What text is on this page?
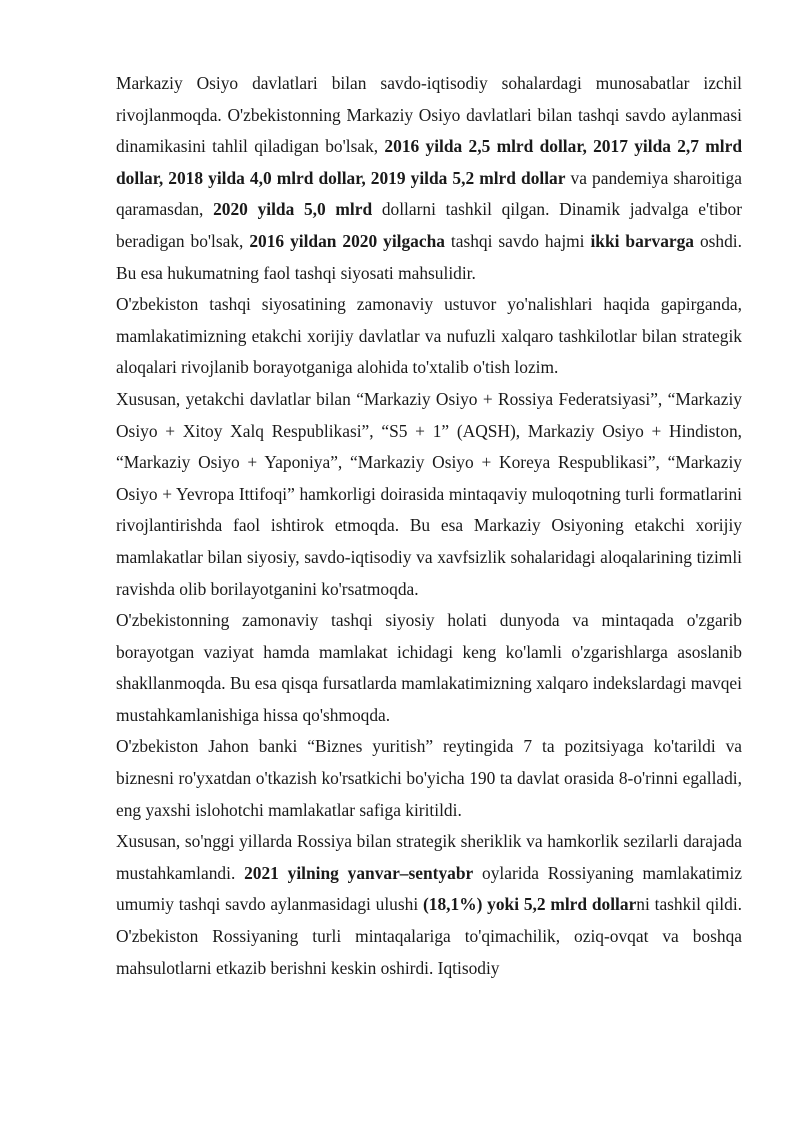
Markaziy Osiyo davlatlari bilan savdo-iqtisodiy sohalardagi munosabatlar izchil rivojlanmoqda. O'zbekistonning Markaziy Osiyo davlatlari bilan tashqi savdo aylanmasi dinamikasini tahlil qiladigan bo'lsak, 2016 yilda 2,5 mlrd dollar, 2017 yilda 2,7 mlrd dollar, 2018 yilda 4,0 mlrd dollar, 2019 yilda 5,2 mlrd dollar va pandemiya sharoitiga qaramasdan, 2020 yilda 5,0 mlrd dollarni tashkil qilgan. Dinamik jadvalga e'tibor beradigan bo'lsak, 2016 yildan 2020 yilgacha tashqi savdo hajmi ikki barvarga oshdi. Bu esa hukumatning faol tashqi siyosati mahsulidir.

O'zbekiston tashqi siyosatining zamonaviy ustuvor yo'nalishlari haqida gapirganda, mamlakatimizning etakchi xorijiy davlatlar va nufuzli xalqaro tashkilotlar bilan strategik aloqalari rivojlanib borayotganiga alohida to'xtalib o'tish lozim.

Xususan, yetakchi davlatlar bilan “Markaziy Osiyo + Rossiya Federatsiyasi”, “Markaziy Osiyo + Xitoy Xalq Respublikasi”, “S5 + 1” (AQSH), Markaziy Osiyo + Hindiston, “Markaziy Osiyo + Yaponiya”, “Markaziy Osiyo + Koreya Respublikasi”, “Markaziy Osiyo + Yevropa Ittifoqi” hamkorligi doirasida mintaqaviy muloqotning turli formatlarini rivojlantirishda faol ishtirok etmoqda. Bu esa Markaziy Osiyoning etakchi xorijiy mamlakatlar bilan siyosiy, savdo-iqtisodiy va xavfsizlik sohalaridagi aloqalarining tizimli ravishda olib borilayotganini ko'rsatmoqda.

O'zbekistonning zamonaviy tashqi siyosiy holati dunyoda va mintaqada o'zgarib borayotgan vaziyat hamda mamlakat ichidagi keng ko'lamli o'zgarishlarga asoslanib shakllanmoqda. Bu esa qisqa fursatlarda mamlakatimizning xalqaro indekslardagi mavqei mustahkamlanishiga hissa qo'shmoqda.

O'zbekiston Jahon banki “Biznes yuritish” reytingida 7 ta pozitsiyaga ko'tarildi va biznesni ro'yxatdan o'tkazish ko'rsatkichi bo'yicha 190 ta davlat orasida 8-o'rinni egalladi, eng yaxshi islohotchi mamlakatlar safiga kiritildi.

Xususan, so'nggi yillarda Rossiya bilan strategik sheriklik va hamkorlik sezilarli darajada mustahkamlandi. 2021 yilning yanvar–sentyabr oylarida Rossiyaning mamlakatimiz umumiy tashqi savdo aylanmasidagi ulushi (18,1%) yoki 5,2 mlrd dollarni tashkil qildi. O'zbekiston Rossiyaning turli mintaqalariga to'qimachilik, oziq-ovqat va boshqa mahsulotlarni etkazib berishni keskin oshirdi. Iqtisodiy
